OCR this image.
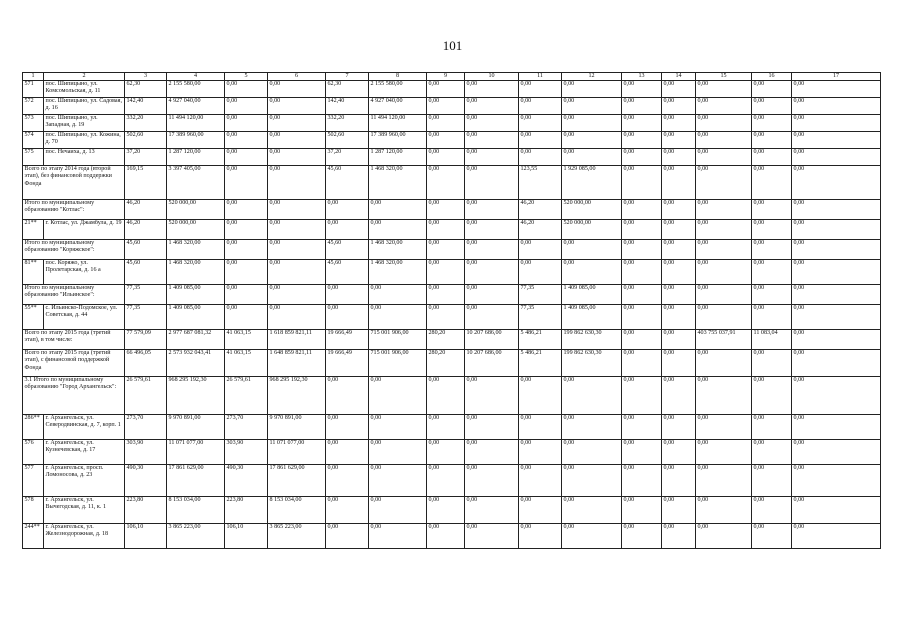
101
1	2	3	4	5	6	7	8	9	10	11	12	13	14	15	16	17
571	пос. Шипицыно, ул. Комсомольская, д. 11	62,30	2 155 580,00	0,00	0,00	62,30	2 155 580,00	0,00	0,00	0,00	0,00	0,00	0,00	0,00	0,00	0,00
572	пос. Шипицыно, ул. Садовая, д. 16	142,40	4 927 040,00	0,00	0,00	142,40	4 927 040,00	0,00	0,00	0,00	0,00	0,00	0,00	0,00	0,00	0,00
573	пос. Шипицыно, ул. Западная, д. 19	332,20	11 494 120,00	0,00	0,00	332,20	11 494 120,00	0,00	0,00	0,00	0,00	0,00	0,00	0,00	0,00	0,00
574	пос. Шипицыно, ул. Кожина, д. 70	502,60	17 389 960,00	0,00	0,00	502,60	17 389 960,00	0,00	0,00	0,00	0,00	0,00	0,00	0,00	0,00	0,00
575	пос. Нечаиха, д. 13	37,20	1 287 120,00	0,00	0,00	37,20	1 287 120,00	0,00	0,00	0,00	0,00	0,00	0,00	0,00	0,00	0,00
Всего по этапу 2014 года (второй этап), без финансовой поддержки Фонда		169,15	3 397 405,00	0,00	0,00	45,60	1 468 320,00	0,00	0,00	123,55	1 929 085,00	0,00	0,00	0,00	0,00	0,00
Итого по муниципальному образованию "Котлас":		46,20	520 000,00	0,00	0,00	0,00	0,00	0,00	0,00	46,20	520 000,00	0,00	0,00	0,00	0,00	0,00
21**	г. Котлас, ул. Джамбула, д. 19	46,20	520 000,00	0,00	0,00	0,00	0,00	0,00	0,00	46,20	520 000,00	0,00	0,00	0,00	0,00	0,00
Итого по муниципальному образованию "Коряжское":		45,60	1 468 320,00	0,00	0,00	45,60	1 468 320,00	0,00	0,00	0,00	0,00	0,00	0,00	0,00	0,00	0,00
81**	пос. Коряжо, ул. Пролетарская, д. 16 а	45,60	1 468 320,00	0,00	0,00	45,60	1 468 320,00	0,00	0,00	0,00	0,00	0,00	0,00	0,00	0,00	0,00
Итого по муниципальному образованию "Ильинское":		77,35	1 409 085,00	0,00	0,00	0,00	0,00	0,00	0,00	77,35	1 409 085,00	0,00	0,00	0,00	0,00	0,00
55**	с. Ильинско-Подомское, ул. Советская, д. 44	77,35	1 409 085,00	0,00	0,00	0,00	0,00	0,00	0,00	77,35	1 409 085,00	0,00	0,00	0,00	0,00	0,00
Всего по этапу 2015 года (третий этап), в том числе:		77 579,09	2 977 687 081,32	41 063,15	1 618 859 821,11	19 666,49	715 001 906,00	280,20	10 207 686,00	5 486,21	199 862 630,30	0,00	0,00	403 755 037,91	11 083,04	0,00
Всего по этапу 2015 года (третий этап), с финансовой поддержкой Фонда		66 496,05	2 573 932 043,41	41 063,15	1 648 859 821,11	19 666,49	715 001 906,00	280,20	10 207 686,00	5 486,21	199 862 630,30	0,00	0,00	0,00	0,00	0,00
3.1 Итого по муниципальному образованию "Город Архангельск":		26 579,61	968 295 192,30	26 579,61	968 295 192,30	0,00	0,00	0,00	0,00	0,00	0,00	0,00	0,00	0,00	0,00	0,00
286**	г. Архангельск, ул. Северодвинская, д. 7, корп. 1	273,70	9 970 891,00	273,70	9 970 891,00	0,00	0,00	0,00	0,00	0,00	0,00	0,00	0,00	0,00	0,00	0,00
576	г. Архангельск, ул. Кузнечевская, д. 17	303,90	11 071 077,00	303,90	11 071 077,00	0,00	0,00	0,00	0,00	0,00	0,00	0,00	0,00	0,00	0,00	0,00
577	г. Архангельск, просп. Ломоносова, д. 23	490,30	17 861 629,00	490,30	17 861 629,00	0,00	0,00	0,00	0,00	0,00	0,00	0,00	0,00	0,00	0,00	0,00
578	г. Архангельск, ул. Вычегодская, д. 11, к. 1	223,80	8 153 034,00	223,80	8 153 034,00	0,00	0,00	0,00	0,00	0,00	0,00	0,00	0,00	0,00	0,00	0,00
244**	г. Архангельск, ул. Железнодорожная, д. 18	106,10	3 865 223,00	106,10	3 865 223,00	0,00	0,00	0,00	0,00	0,00	0,00	0,00	0,00	0,00	0,00	0,00
